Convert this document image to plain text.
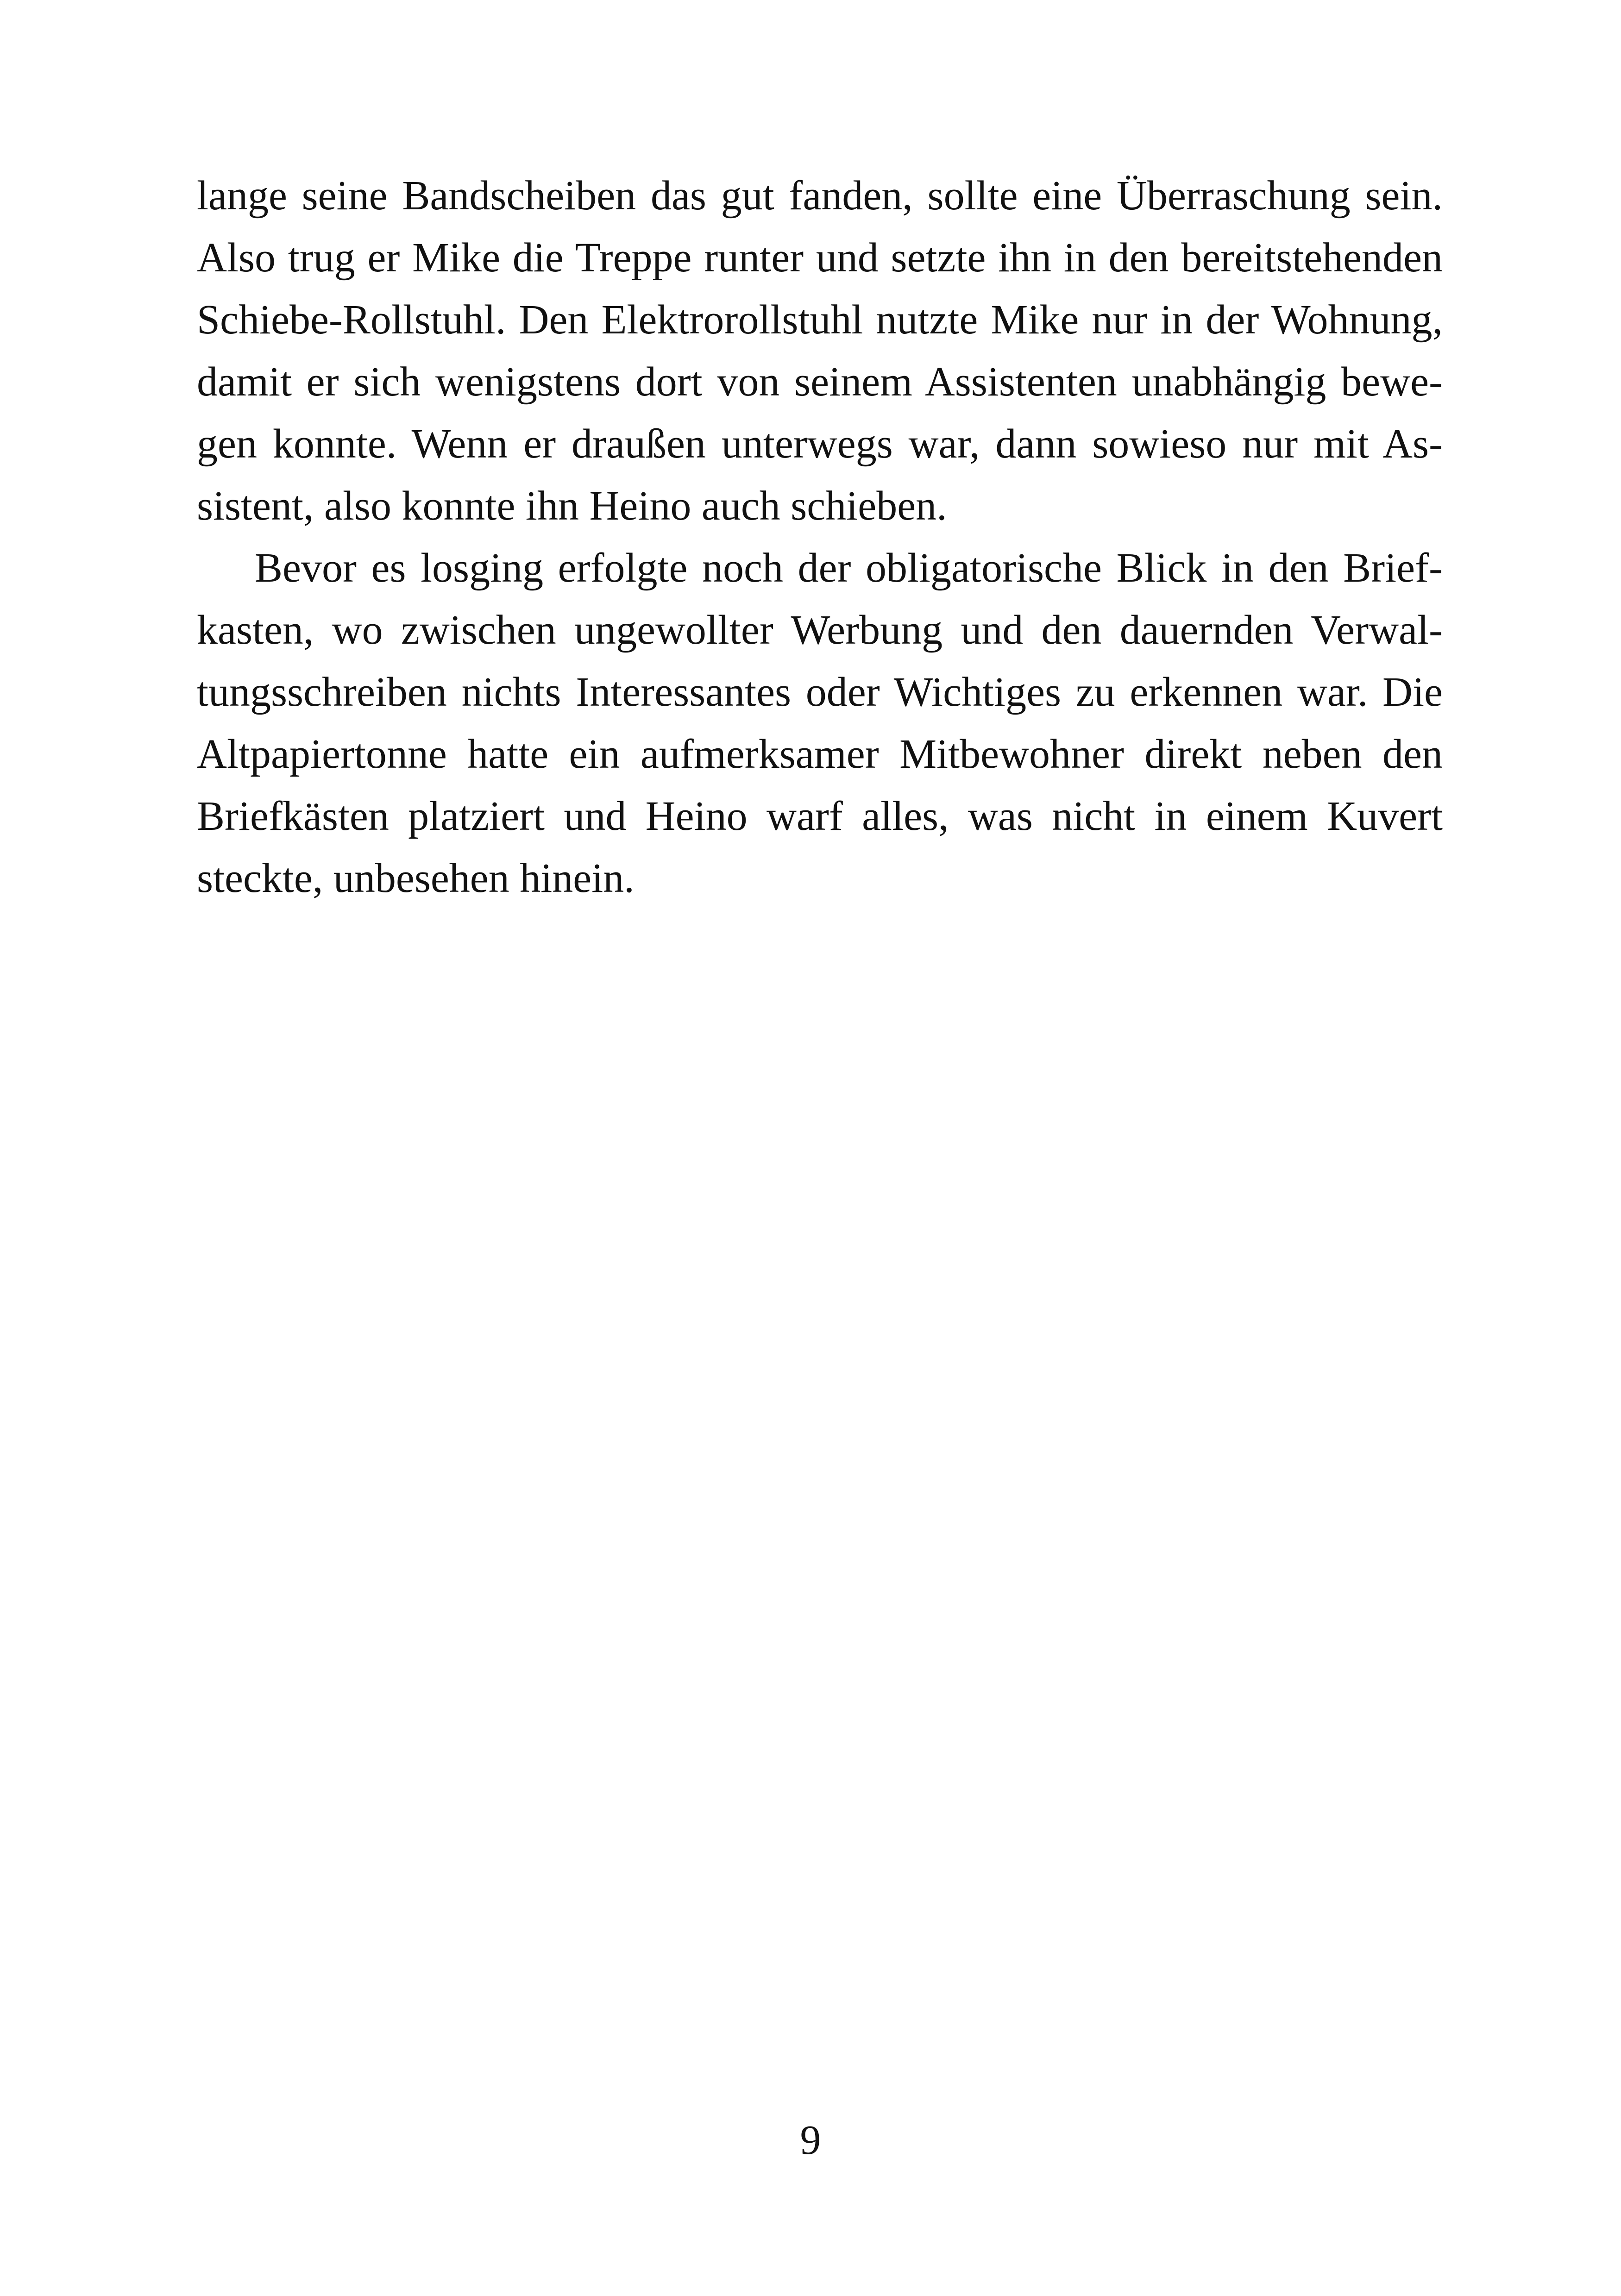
lange seine Bandscheiben das gut fanden, sollte eine Überraschung sein.
Also trug er Mike die Treppe runter und setzte ihn in den bereitstehenden
Schiebe-Rollstuhl. Den Elektrorollstuhl nutzte Mike nur in der Wohnung,
damit er sich wenigstens dort von seinem Assistenten unabhängig bewe-
gen konnte. Wenn er draußen unterwegs war, dann sowieso nur mit As-
sistent, also konnte ihn Heino auch schieben.
Bevor es losging erfolgte noch der obligatorische Blick in den Brief-
kasten, wo zwischen ungewollter Werbung und den dauernden Verwal-
tungsschreiben nichts Interessantes oder Wichtiges zu erkennen war. Die
Altpapiertonne hatte ein aufmerksamer Mitbewohner direkt neben den
Briefkästen platziert und Heino warf alles, was nicht in einem Kuvert
steckte, unbesehen hinein.
9
